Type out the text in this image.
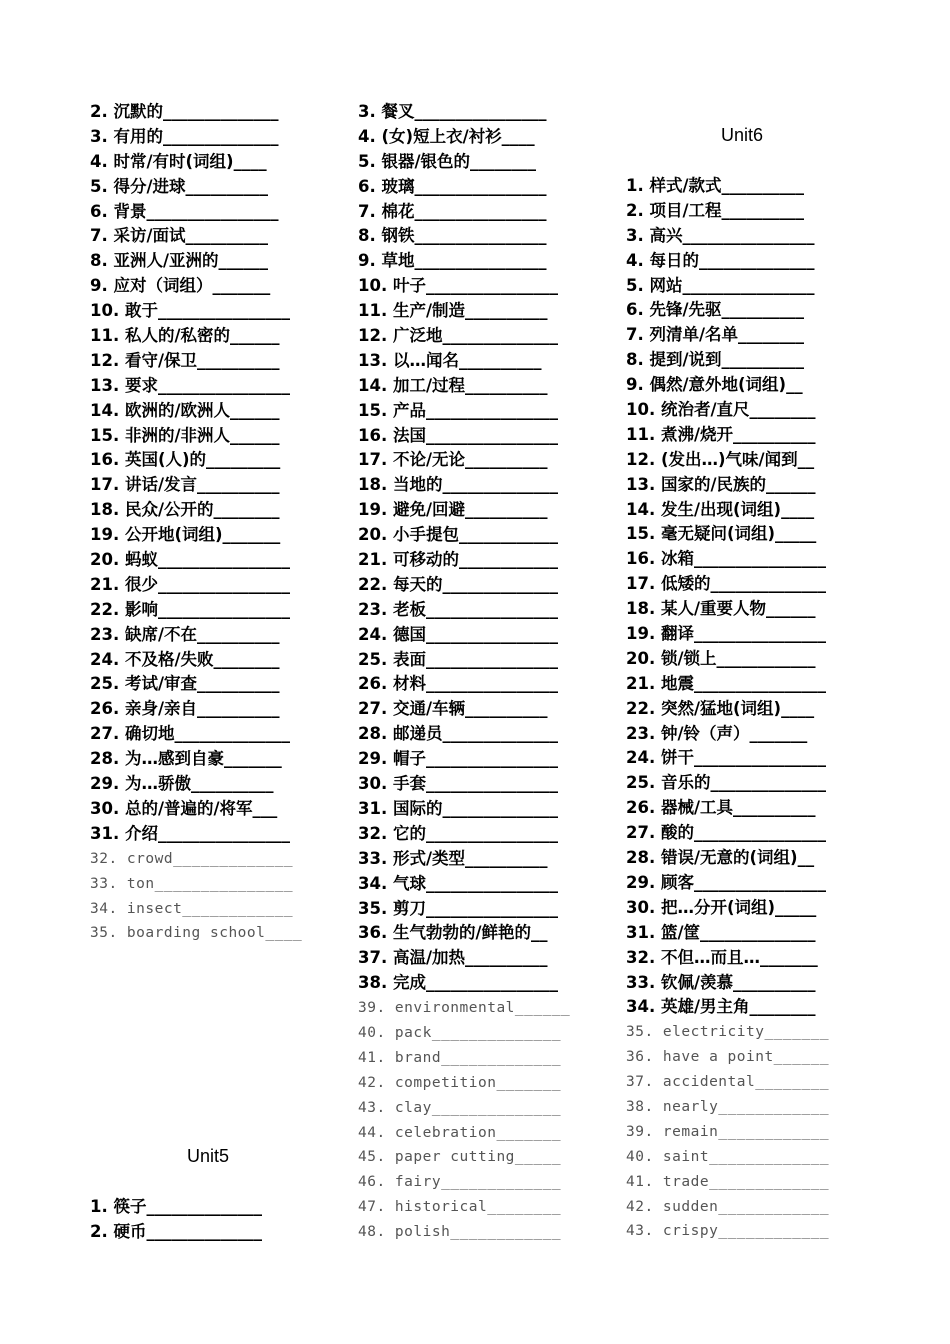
2. 沉默的______________
3. 有用的______________
4. 时常/有时(词组)____
5. 得分/进球__________
6. 背景________________
7. 采访/面试__________
8. 亚洲人/亚洲的______
9. 应对（词组）_______
10. 敢于________________
11. 私人的/私密的______
12. 看守/保卫__________
13. 要求________________
14. 欧洲的/欧洲人______
15. 非洲的/非洲人______
16. 英国(人)的_________
17. 讲话/发言__________
18. 民众/公开的________
19. 公开地(词组)_______
20. 蚂蚁________________
21. 很少________________
22. 影响________________
23. 缺席/不在__________
24. 不及格/失败________
25. 考试/审查__________
26. 亲身/亲自__________
27. 确切地______________
28. 为…感到自豪_______
29. 为…骄傲__________
30. 总的/普遍的/将军___
31. 介绍________________
32. crowd_____________
33. ton_______________
34. insect____________
35. boarding school____
Unit5
1. 筷子______________
2. 硬币______________
3. 餐叉________________
4. (女)短上衣/衬衫____
5. 银器/银色的________
6. 玻璃________________
7. 棉花________________
8. 钢铁________________
9. 草地________________
10. 叶子________________
11. 生产/制造__________
12. 广泛地______________
13. 以…闻名__________
14. 加工/过程__________
15. 产品________________
16. 法国________________
17. 不论/无论__________
18. 当地的______________
19. 避免/回避__________
20. 小手提包____________
21. 可移动的____________
22. 每天的______________
23. 老板________________
24. 德国________________
25. 表面________________
26. 材料________________
27. 交通/车辆__________
28. 邮递员______________
29. 帽子________________
30. 手套________________
31. 国际的______________
32. 它的________________
33. 形式/类型__________
34. 气球________________
35. 剪刀________________
36. 生气勃勃的/鲜艳的__
37. 高温/加热__________
38. 完成________________
39. environmental______
40. pack______________
41. brand_____________
42. competition_______
43. clay______________
44. celebration_______
45. paper cutting_____
46. fairy_____________
47. historical________
48. polish____________
Unit6
1. 样式/款式__________
2. 项目/工程__________
3. 高兴________________
4. 每日的______________
5. 网站________________
6. 先锋/先驱__________
7. 列清单/名单________
8. 提到/说到__________
9. 偶然/意外地(词组)__
10. 统治者/直尺________
11. 煮沸/烧开__________
12. (发出…)气味/闻到__
13. 国家的/民族的______
14. 发生/出现(词组)____
15. 毫无疑问(词组)_____
16. 冰箱________________
17. 低矮的______________
18. 某人/重要人物______
19. 翻译________________
20. 锁/锁上____________
21. 地震________________
22. 突然/猛地(词组)____
23. 钟/铃（声）_______
24. 饼干________________
25. 音乐的______________
26. 器械/工具__________
27. 酸的________________
28. 错误/无意的(词组)__
29. 顾客________________
30. 把…分开(词组)_____
31. 篮/筐______________
32. 不但…而且…_______
33. 钦佩/羡慕__________
34. 英雄/男主角________
35. electricity_______
36. have a point______
37. accidental________
38. nearly____________
39. remain____________
40. saint_____________
41. trade_____________
42. sudden____________
43. crispy____________
